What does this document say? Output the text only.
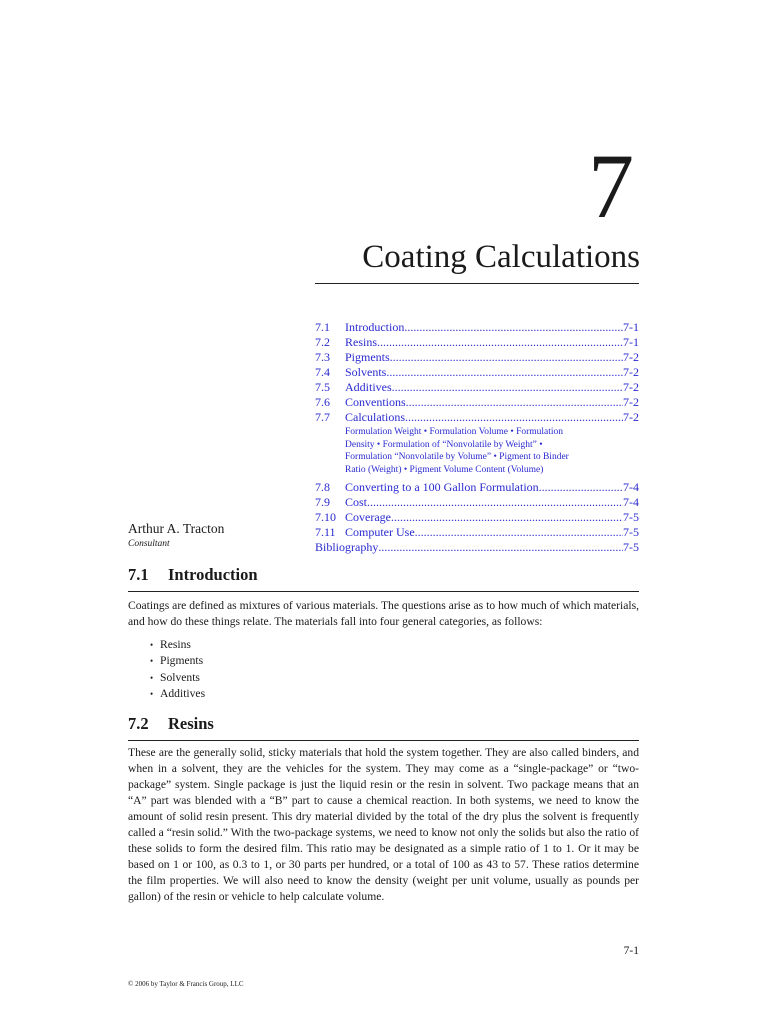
7
Coating Calculations
7.1	Introduction .....	7-1
7.2	Resins .....	7-1
7.3	Pigments .....	7-2
7.4	Solvents .....	7-2
7.5	Additives .....	7-2
7.6	Conventions .....	7-2
7.7	Calculations .....	7-2
Formulation Weight • Formulation Volume • Formulation
Density • Formulation of “Nonvolatile by Weight” •
Formulation “Nonvolatile by Volume” • Pigment to Binder
Ratio (Weight) • Pigment Volume Content (Volume)
7.8	Converting to a 100 Gallon Formulation .....	7-4
7.9	Cost .....	7-4
7.10 Coverage .....	7-5
7.11 Computer Use .....	7-5
Bibliography .....	7-5
Arthur A. Tracton
Consultant
7.1 Introduction

Coatings are defined as mixtures of various materials. The questions arise as to how much of which materials, and how do these things relate. The materials fall into four general categories, as follows:

• Resins
• Pigments
• Solvents
• Additives
7.2 Resins

These are the generally solid, sticky materials that hold the system together. They are also called binders, and when in a solvent, they are the vehicles for the system. They may come as a “single-package” or “two-package” system. Single package is just the liquid resin or the resin in solvent. Two package means that an “A” part was blended with a “B” part to cause a chemical reaction. In both systems, we need to know the amount of solid resin present. This dry material divided by the total of the dry plus the solvent is frequently called a “resin solid.” With the two-package systems, we need to know not only the solids but also the ratio of these solids to form the desired film. This ratio may be designated as a simple ratio of 1 to 1. Or it may be based on 1 or 100, as 0.3 to 1, or 30 parts per hundred, or a total of 100 as 43 to 57. These ratios determine the film properties. We will also need to know the density (weight per unit volume, usually as pounds per gallon) of the resin or vehicle to help calculate volume.

7-1
© 2006 by Taylor & Francis Group, LLC
